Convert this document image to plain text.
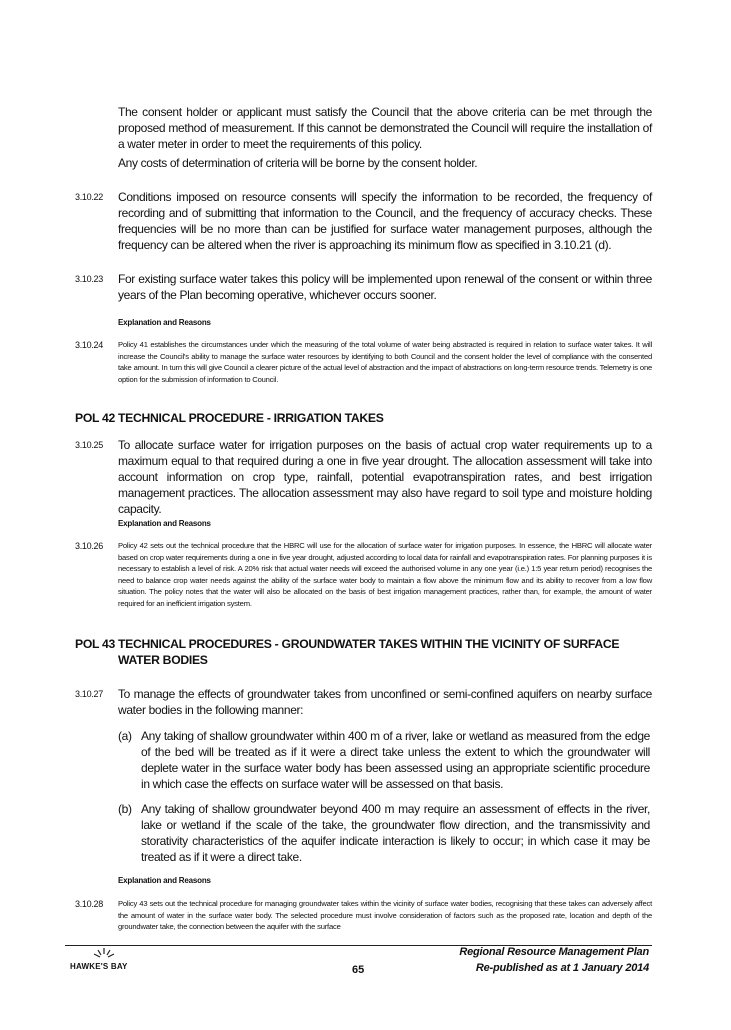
The consent holder or applicant must satisfy the Council that the above criteria can be met through the proposed method of measurement. If this cannot be demonstrated the Council will require the installation of a water meter in order to meet the requirements of this policy.
Any costs of determination of criteria will be borne by the consent holder.
3.10.22 Conditions imposed on resource consents will specify the information to be recorded, the frequency of recording and of submitting that information to the Council, and the frequency of accuracy checks. These frequencies will be no more than can be justified for surface water management purposes, although the frequency can be altered when the river is approaching its minimum flow as specified in 3.10.21 (d).
3.10.23 For existing surface water takes this policy will be implemented upon renewal of the consent or within three years of the Plan becoming operative, whichever occurs sooner.
Explanation and Reasons
3.10.24 Policy 41 establishes the circumstances under which the measuring of the total volume of water being abstracted is required in relation to surface water takes. It will increase the Council's ability to manage the surface water resources by identifying to both Council and the consent holder the level of compliance with the consented take amount. In turn this will give Council a clearer picture of the actual level of abstraction and the impact of abstractions on long-term resource trends. Telemetry is one option for the submission of information to Council.
POL 42 TECHNICAL PROCEDURE - IRRIGATION TAKES
3.10.25 To allocate surface water for irrigation purposes on the basis of actual crop water requirements up to a maximum equal to that required during a one in five year drought. The allocation assessment will take into account information on crop type, rainfall, potential evapotranspiration rates, and best irrigation management practices. The allocation assessment may also have regard to soil type and moisture holding capacity.
Explanation and Reasons
3.10.26 Policy 42 sets out the technical procedure that the HBRC will use for the allocation of surface water for irrigation purposes. In essence, the HBRC will allocate water based on crop water requirements during a one in five year drought, adjusted according to local data for rainfall and evapotranspiration rates. For planning purposes it is necessary to establish a level of risk. A 20% risk that actual water needs will exceed the authorised volume in any one year (i.e.) 1:5 year return period) recognises the need to balance crop water needs against the ability of the surface water body to maintain a flow above the minimum flow and its ability to recover from a low flow situation. The policy notes that the water will also be allocated on the basis of best irrigation management practices, rather than, for example, the amount of water required for an inefficient irrigation system.
POL 43 TECHNICAL PROCEDURES - GROUNDWATER TAKES WITHIN THE VICINITY OF SURFACE WATER BODIES
3.10.27 To manage the effects of groundwater takes from unconfined or semi-confined aquifers on nearby surface water bodies in the following manner:
(a) Any taking of shallow groundwater within 400 m of a river, lake or wetland as measured from the edge of the bed will be treated as if it were a direct take unless the extent to which the groundwater will deplete water in the surface water body has been assessed using an appropriate scientific procedure in which case the effects on surface water will be assessed on that basis.
(b) Any taking of shallow groundwater beyond 400 m may require an assessment of effects in the river, lake or wetland if the scale of the take, the groundwater flow direction, and the transmissivity and storativity characteristics of the aquifer indicate interaction is likely to occur; in which case it may be treated as if it were a direct take.
Explanation and Reasons
3.10.28 Policy 43 sets out the technical procedure for managing groundwater takes within the vicinity of surface water bodies, recognising that these takes can adversely affect the amount of water in the surface water body. The selected procedure must involve consideration of factors such as the proposed rate, location and depth of the groundwater take, the connection between the aquifer with the surface
HAWKE'S BAY	65
Regional Resource Management Plan
Re-published as at 1 January 2014
